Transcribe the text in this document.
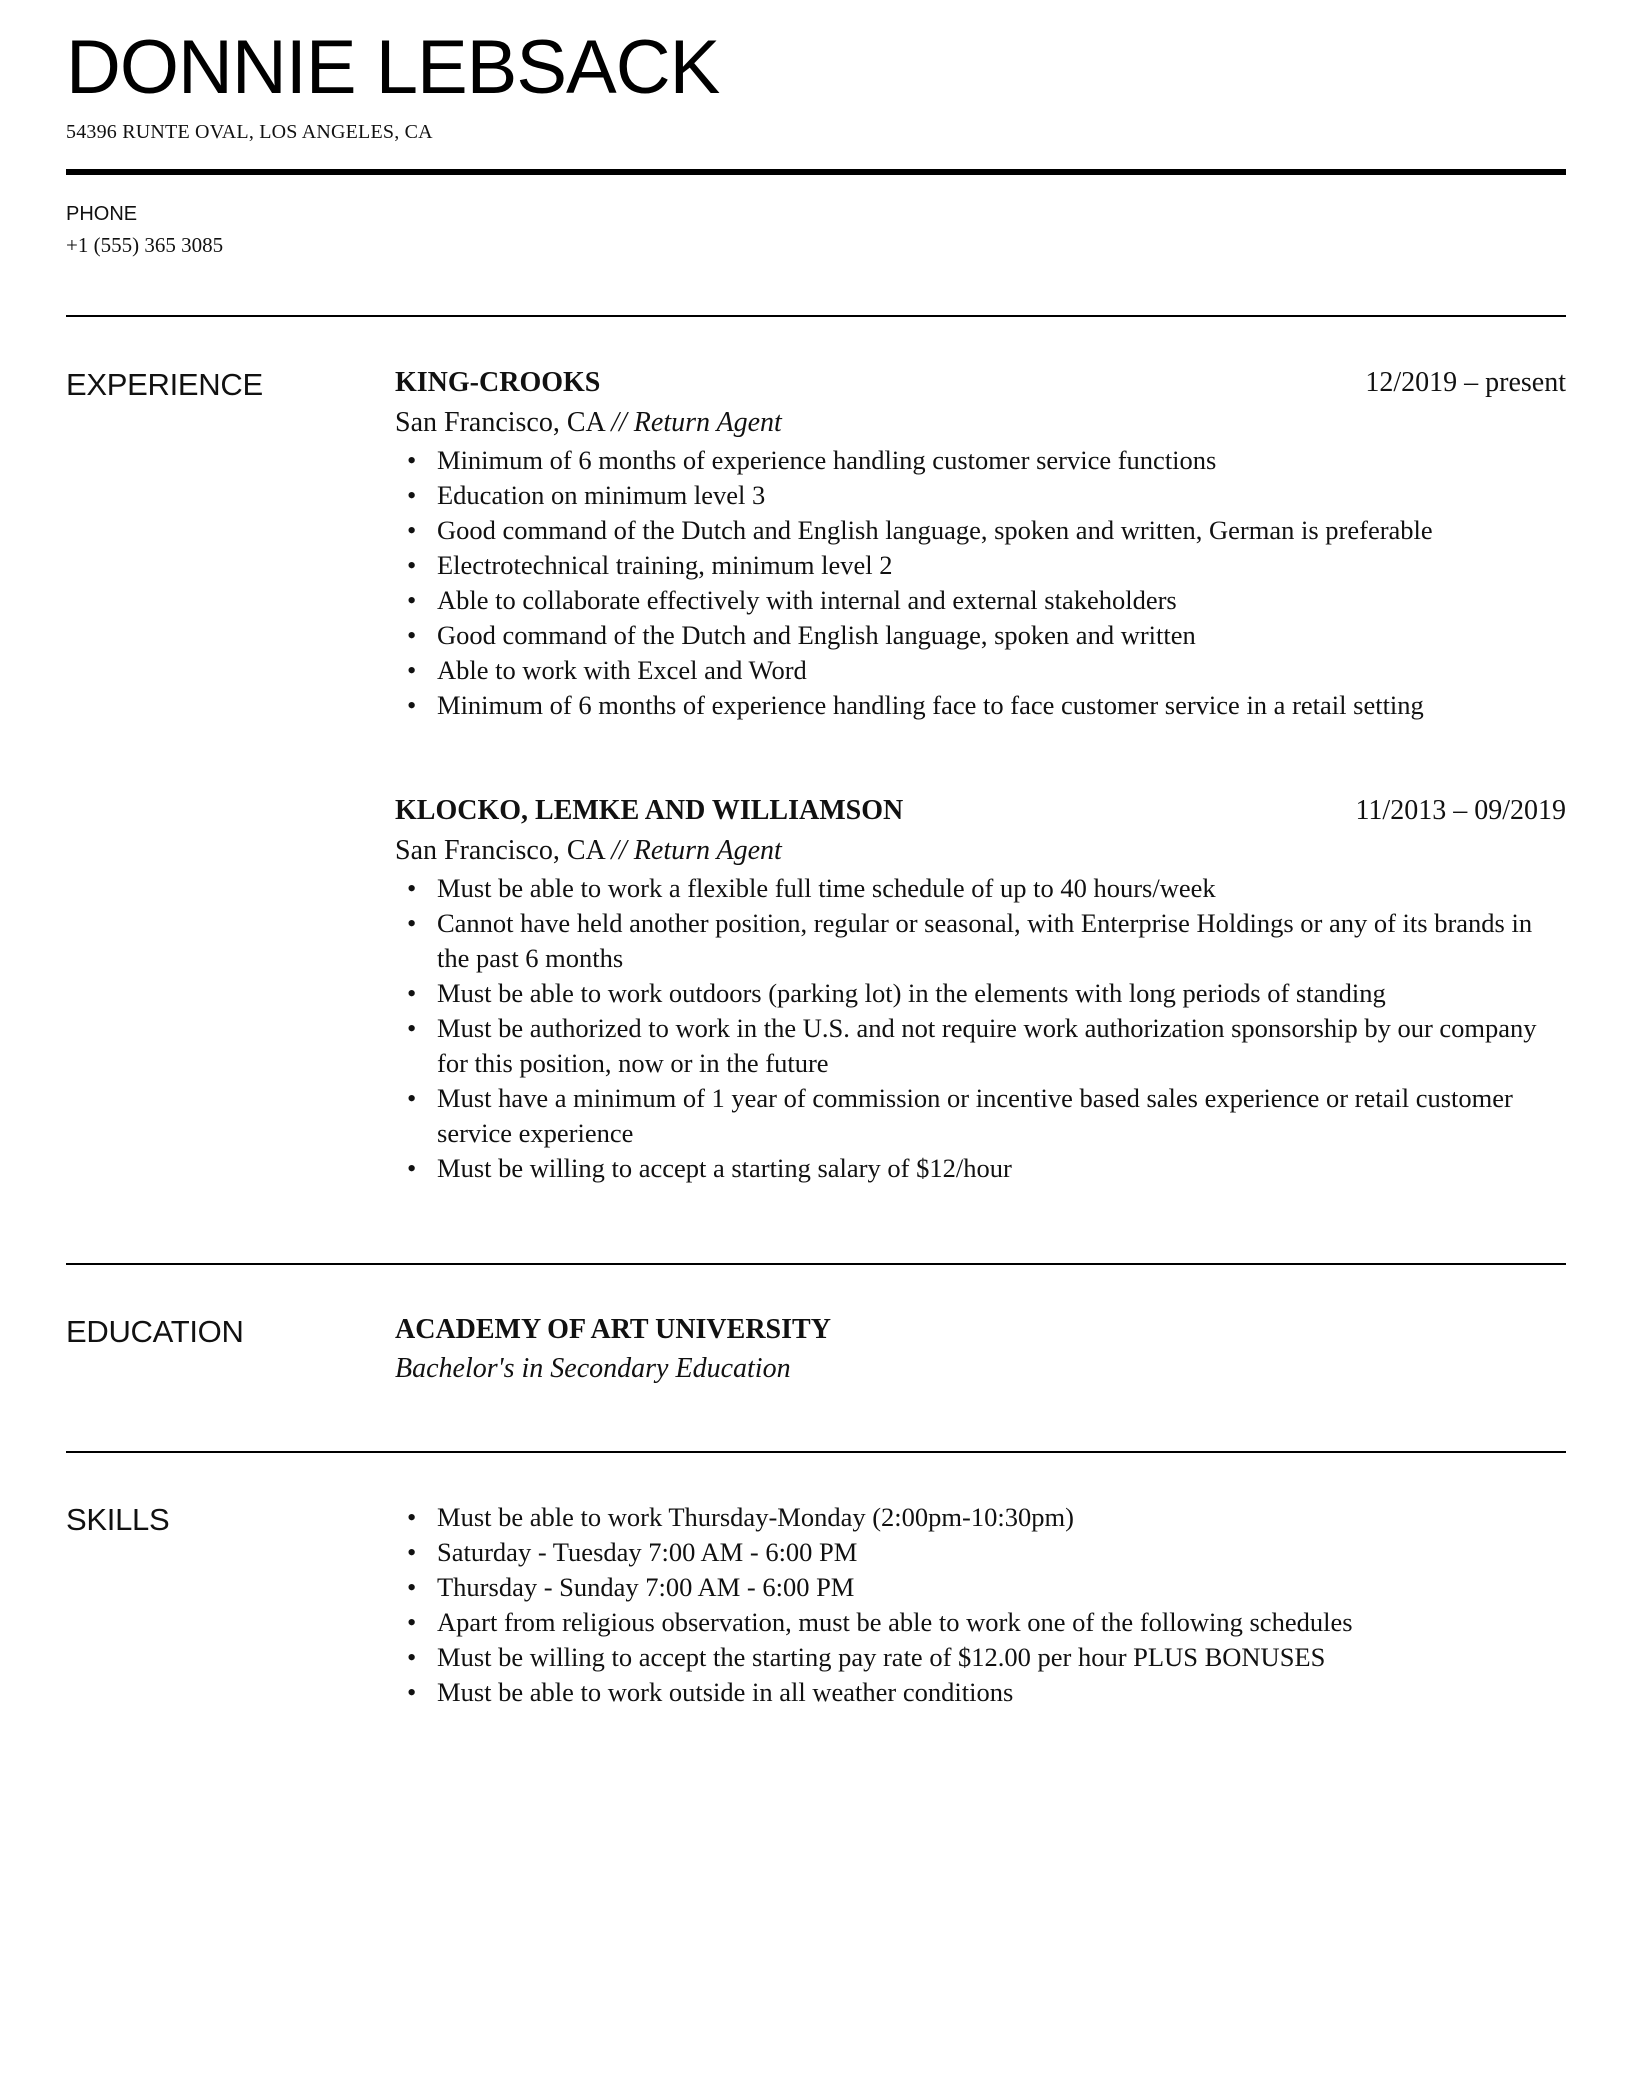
DONNIE LEBSACK
54396 RUNTE OVAL, LOS ANGELES, CA
PHONE
+1 (555) 365 3085
EXPERIENCE	KING-CROOKS	12/2019 – present
San Francisco, CA // Return Agent
• Minimum of 6 months of experience handling customer service functions
• Education on minimum level 3
• Good command of the Dutch and English language, spoken and written, German is preferable
• Electrotechnical training, minimum level 2
• Able to collaborate effectively with internal and external stakeholders
• Good command of the Dutch and English language, spoken and written
• Able to work with Excel and Word
• Minimum of 6 months of experience handling face to face customer service in a retail setting
KLOCKO, LEMKE AND WILLIAMSON	11/2013 – 09/2019
San Francisco, CA // Return Agent
• Must be able to work a flexible full time schedule of up to 40 hours/week
• Cannot have held another position, regular or seasonal, with Enterprise Holdings or any of its brands in the past 6 months
• Must be able to work outdoors (parking lot) in the elements with long periods of standing
• Must be authorized to work in the U.S. and not require work authorization sponsorship by our company for this position, now or in the future
• Must have a minimum of 1 year of commission or incentive based sales experience or retail customer service experience
• Must be willing to accept a starting salary of $12/hour
EDUCATION	ACADEMY OF ART UNIVERSITY
Bachelor's in Secondary Education
SKILLS
•	Must be able to work Thursday-Monday (2:00pm-10:30pm)
• Saturday - Tuesday 7:00 AM - 6:00 PM
• Thursday - Sunday 7:00 AM - 6:00 PM
• Apart from religious observation, must be able to work one of the following schedules
• Must be willing to accept the starting pay rate of $12.00 per hour PLUS BONUSES
• Must be able to work outside in all weather conditions
